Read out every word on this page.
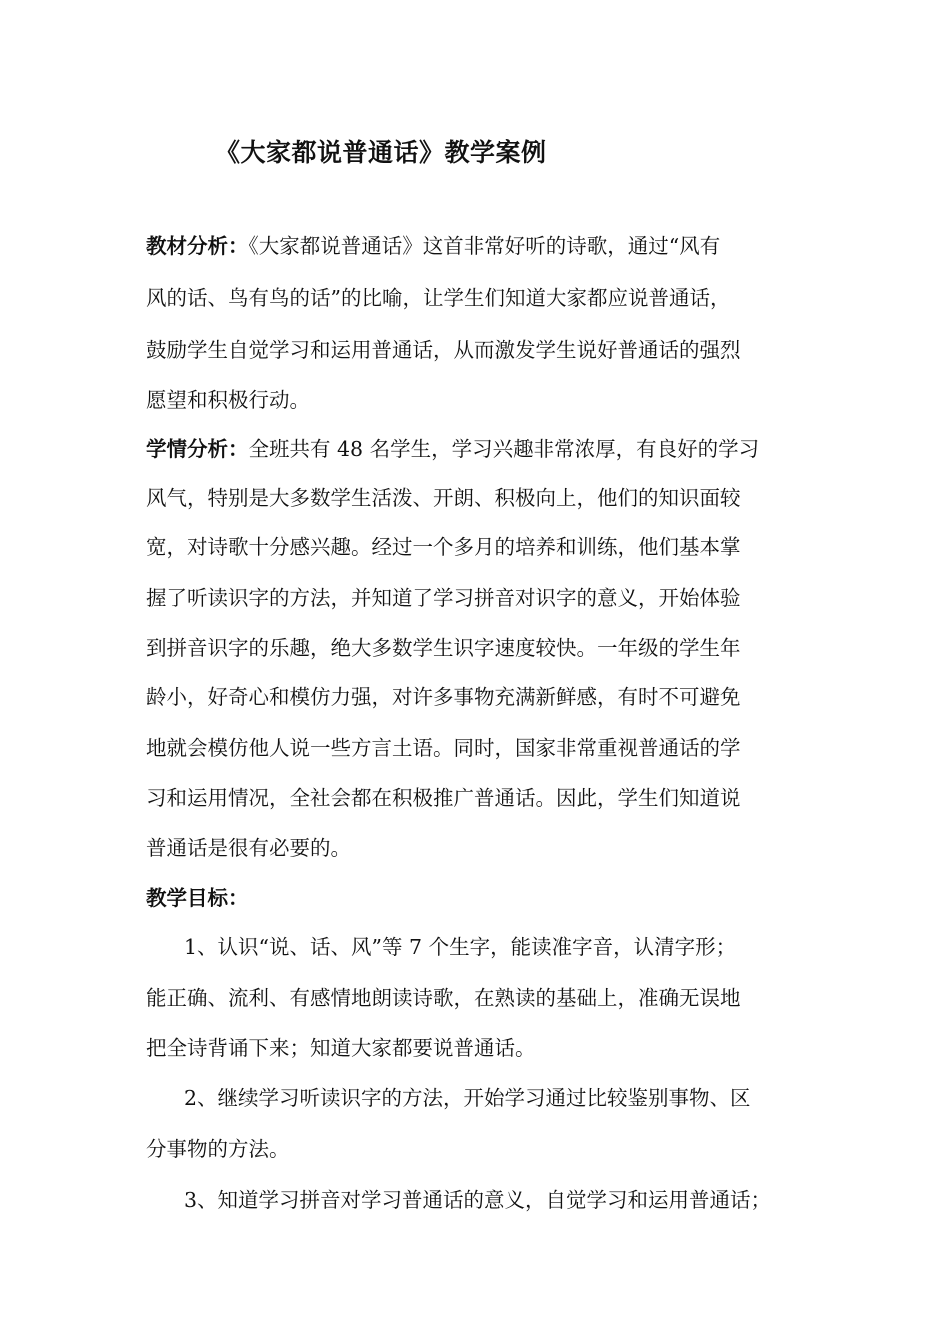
《大家都说普通话》教学案例
教材分析：《大家都说普通话》这首非常好听的诗歌，通过“风有
风的话、鸟有鸟的话”的比喻，让学生们知道大家都应说普通话，
鼓励学生自觉学习和运用普通话，从而激发学生说好普通话的强烈
愿望和积极行动。
学情分析：全班共有 48 名学生，学习兴趣非常浓厚，有良好的学习
风气，特别是大多数学生活泼、开朗、积极向上，他们的知识面较
宽，对诗歌十分感兴趣。经过一个多月的培养和训练，他们基本掌
握了听读识字的方法，并知道了学习拼音对识字的意义，开始体验
到拼音识字的乐趣，绝大多数学生识字速度较快。一年级的学生年
龄小，好奇心和模仿力强，对许多事物充满新鲜感，有时不可避免
地就会模仿他人说一些方言土语。同时，国家非常重视普通话的学
习和运用情况，全社会都在积极推广普通话。因此，学生们知道说
普通话是很有必要的。
教学目标：
1、认识“说、话、风”等 7 个生字，能读准字音，认清字形；
能正确、流利、有感情地朗读诗歌，在熟读的基础上，准确无误地
把全诗背诵下来；知道大家都要说普通话。
2、继续学习听读识字的方法，开始学习通过比较鉴别事物、区
分事物的方法。
3、知道学习拼音对学习普通话的意义，自觉学习和运用普通话；
